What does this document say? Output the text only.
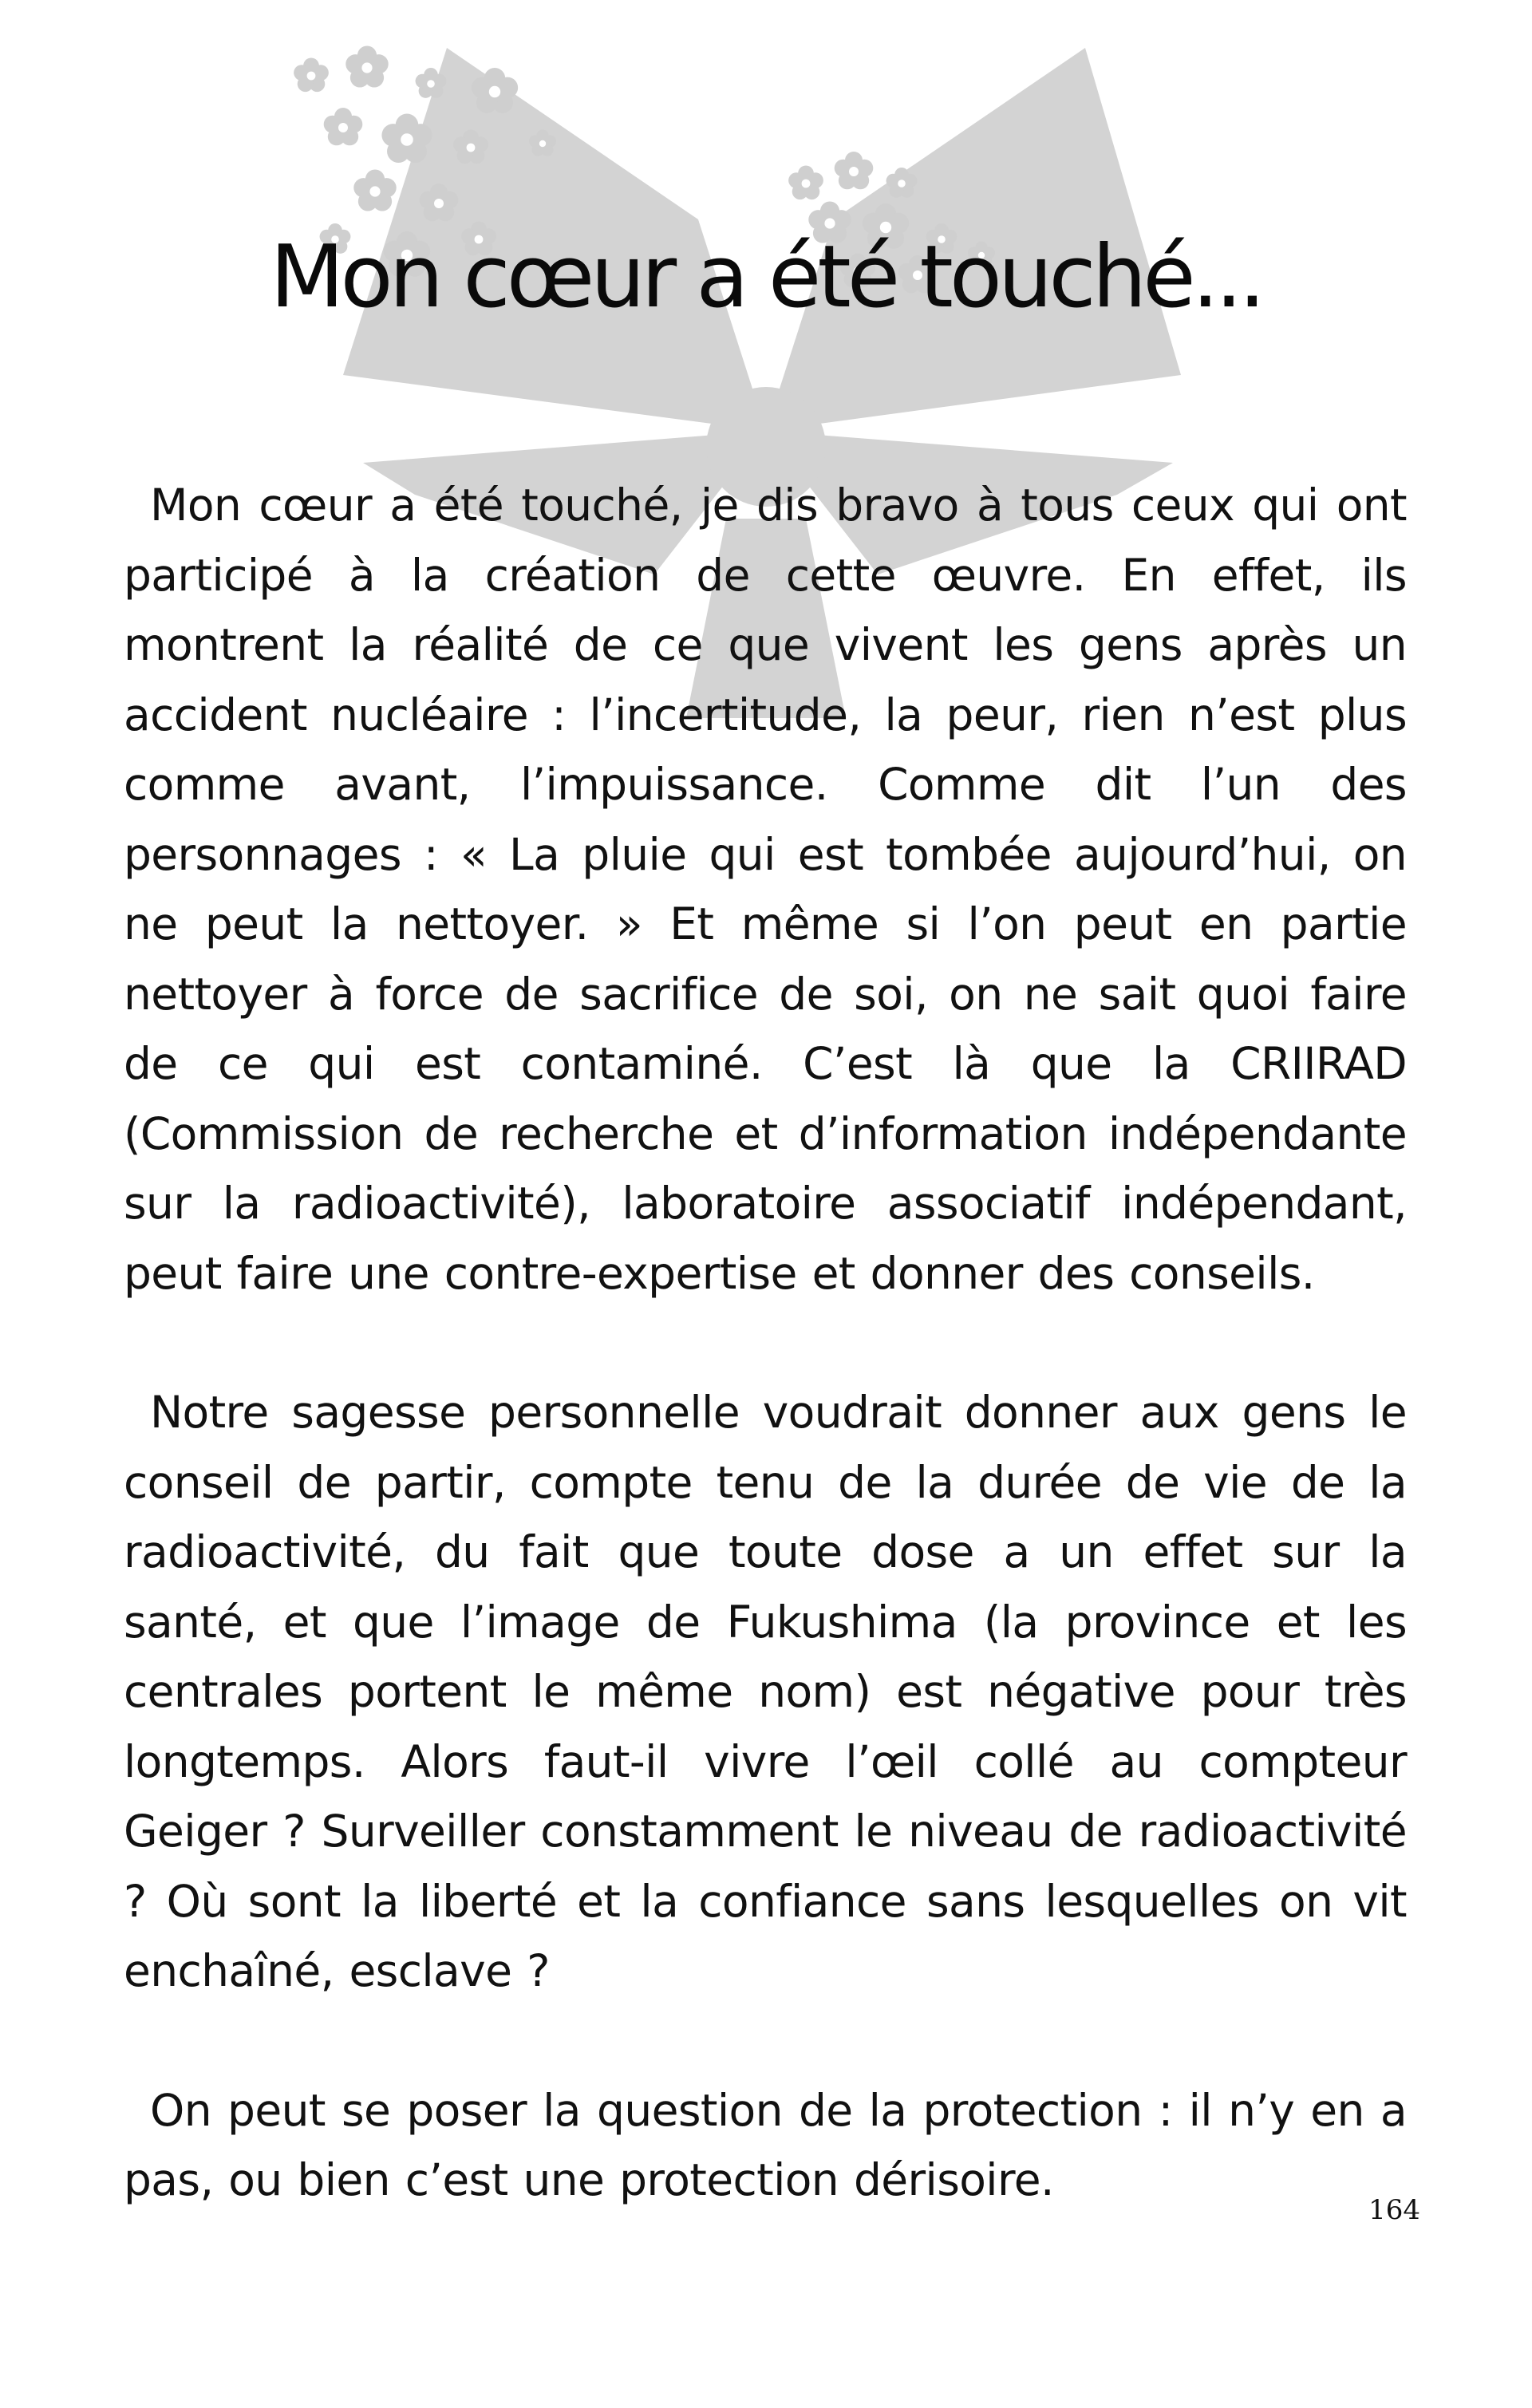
Mon cœur a été touché...

Mon cœur a été touché, je dis bravo à tous ceux qui ont participé à la création de cette œuvre. En effet, ils montrent la réalité de ce que vivent les gens après un accident nucléaire : l’incertitude, la peur, rien n’est plus comme avant, l’impuissance. Comme dit l’un des personnages : « La pluie qui est tombée aujourd’hui, on ne peut la nettoyer. » Et même si l’on peut en partie nettoyer à force de sacrifice de soi, on ne sait quoi faire de ce qui est contaminé. C’est là que la CRIIRAD (Commission de recherche et d’information indépendante sur la radioactivité), laboratoire associatif indépendant, peut faire une contre-expertise et donner des conseils.

Notre sagesse personnelle voudrait donner aux gens le conseil de partir, compte tenu de la durée de vie de la radioactivité, du fait que toute dose a un effet sur la santé, et que l’image de Fukushima (la province et les centrales portent le même nom) est négative pour très longtemps. Alors faut-il vivre l’œil collé au compteur Geiger ? Surveiller constamment le niveau de radioactivité ? Où sont la liberté et la confiance sans lesquelles on vit enchaîné, esclave ?

On peut se poser la question de la protection : il n’y en a pas, ou bien c’est une protection dérisoire.

164
